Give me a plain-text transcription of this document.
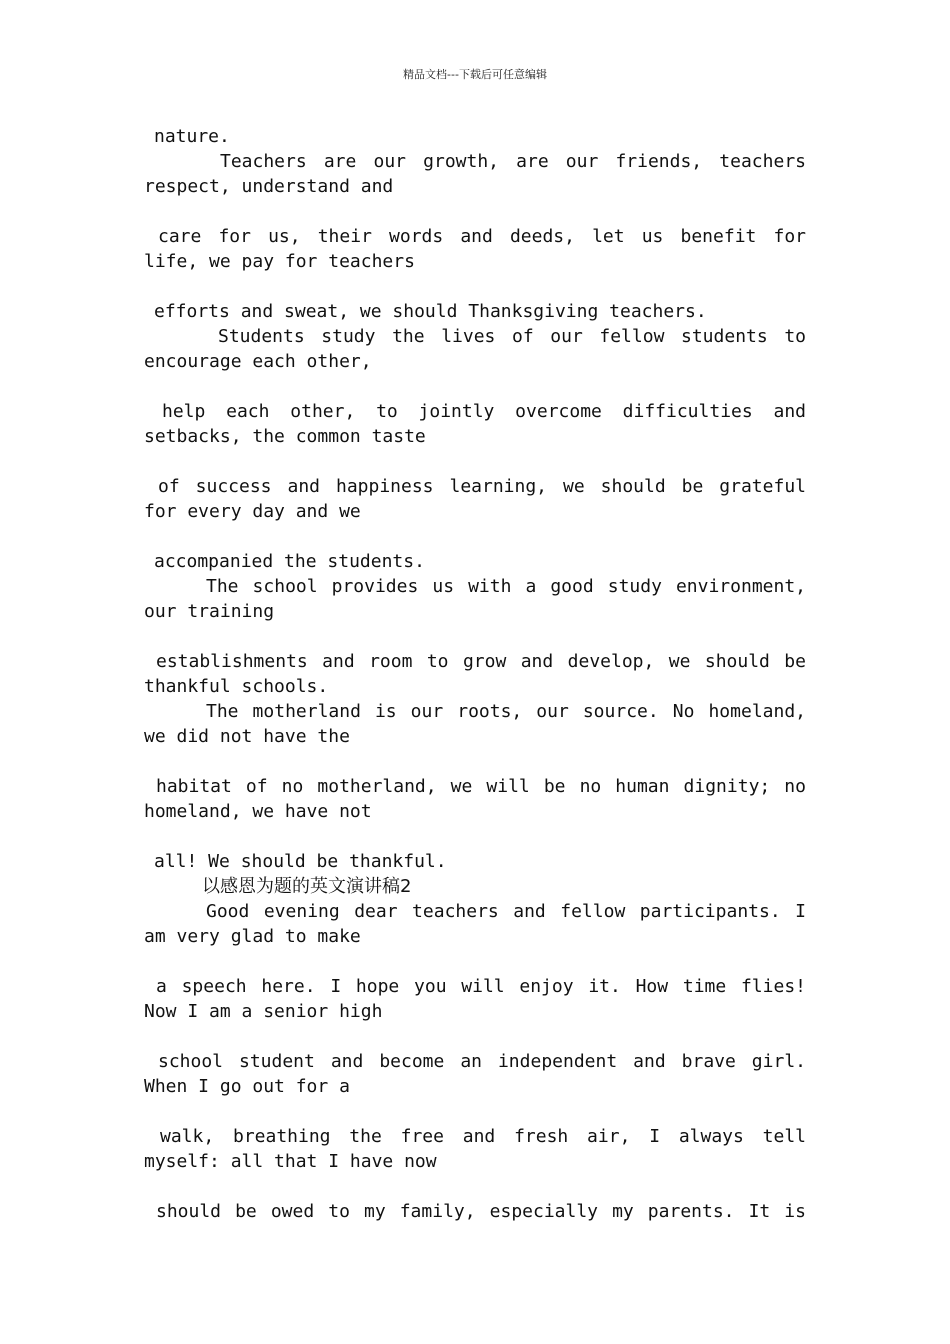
精品文档---下载后可任意编辑
nature.
Teachers are our growth, are our friends, teachers
respect, understand and
care for us, their words and deeds, let us benefit for
life, we pay for teachers
efforts and sweat, we should Thanksgiving teachers.
Students study the lives of our fellow students to
encourage each other,
help each other, to jointly overcome difficulties and
setbacks, the common taste
of success and happiness learning, we should be grateful
for every day and we
accompanied the students.
The school provides us with a good study environment,
our training
establishments and room to grow and develop, we should be
thankful schools.
The motherland is our roots, our source. No homeland,
we did not have the
habitat of no motherland, we will be no human dignity; no
homeland, we have not
all! We should be thankful.
以感恩为题的英文演讲稿2
Good evening dear teachers and fellow participants. I
am very glad to make
a speech here. I hope you will enjoy it. How time flies!
Now I am a senior high
school student and become an independent and brave girl.
When I go out for a
walk, breathing the free and fresh air, I always tell
myself: all that I have now
should be owed to my family, especially my parents. It is
